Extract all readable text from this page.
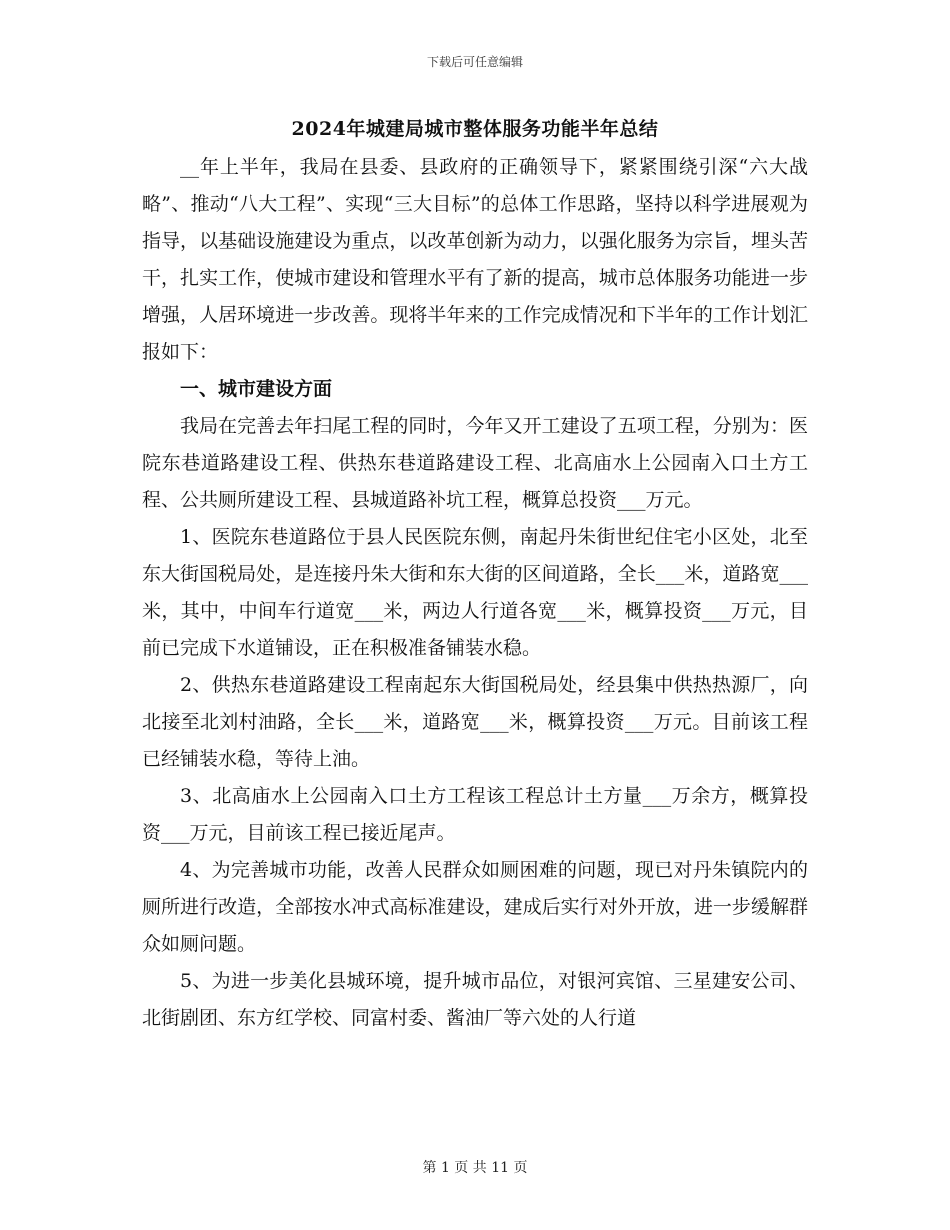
下载后可任意编辑
2024年城建局城市整体服务功能半年总结

__年上半年，我局在县委、县政府的正确领导下，紧紧围绕引深“六大战略”、推动“八大工程”、实现“三大目标”的总体工作思路，坚持以科学进展观为指导，以基础设施建设为重点，以改革创新为动力，以强化服务为宗旨，埋头苦干，扎实工作，使城市建设和管理水平有了新的提高，城市总体服务功能进一步增强，人居环境进一步改善。现将半年来的工作完成情况和下半年的工作计划汇报如下：

一、城市建设方面

我局在完善去年扫尾工程的同时，今年又开工建设了五项工程，分别为：医院东巷道路建设工程、供热东巷道路建设工程、北高庙水上公园南入口土方工程、公共厕所建设工程、县城道路补坑工程，概算总投资___万元。

1、医院东巷道路位于县人民医院东侧，南起丹朱街世纪住宅小区处，北至东大街国税局处，是连接丹朱大街和东大街的区间道路，全长___米，道路宽___米，其中，中间车行道宽___米，两边人行道各宽___米，概算投资___万元，目前已完成下水道铺设，正在积极准备铺装水稳。

2、供热东巷道路建设工程南起东大街国税局处，经县集中供热热源厂，向北接至北刘村油路，全长___米，道路宽___米，概算投资___万元。目前该工程已经铺装水稳，等待上油。

3、北高庙水上公园南入口土方工程该工程总计土方量___万余方，概算投资___万元，目前该工程已接近尾声。

4、为完善城市功能，改善人民群众如厕困难的问题，现已对丹朱镇院内的厕所进行改造，全部按水冲式高标准建设，建成后实行对外开放，进一步缓解群众如厕问题。

5、为进一步美化县城环境，提升城市品位，对银河宾馆、三星建安公司、北街剧团、东方红学校、同富村委、酱油厂等六处的人行道

第 1 页 共 11 页
